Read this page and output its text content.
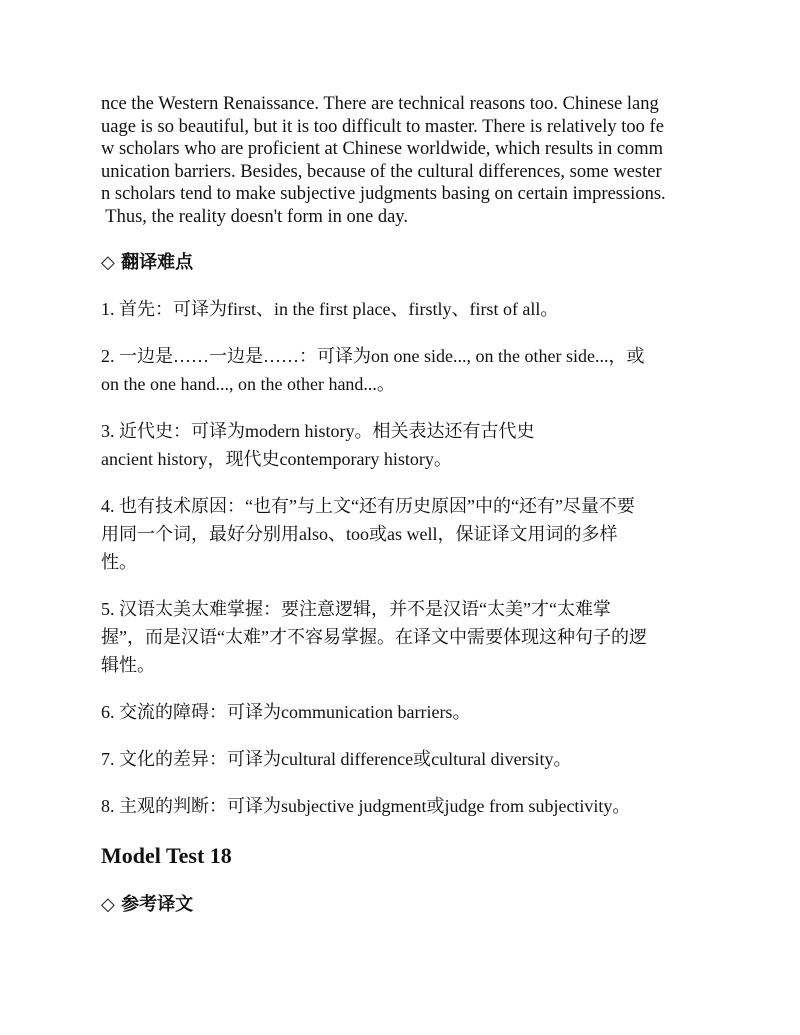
nce the Western Renaissance. There are technical reasons too. Chinese lang
uage is so beautiful, but it is too difficult to master. There is relatively too fe
w scholars who are proficient at Chinese worldwide, which results in comm
unication barriers. Besides, because of the cultural differences, some wester
n scholars tend to make subjective judgments basing on certain impressions.
Thus, the reality doesn't form in one day.

◇ 翻译难点
1. 首先：可译为first、in the first place、firstly、first of all。
2. 一边是……一边是……：可译为on one side..., on the other side...，或
on the one hand..., on the other hand...。
3. 近代史：可译为modern history。相关表达还有古代史
ancient history，现代史contemporary history。
4. 也有技术原因：“也有”与上文“还有历史原因”中的“还有”尽量不要
用同一个词，最好分别用also、too或as well，保证译文用词的多样
性。
5. 汉语太美太难掌握：要注意逻辑，并不是汉语“太美”才“太难掌
握”，而是汉语“太难”才不容易掌握。在译文中需要体现这种句子的逻
辑性。
6. 交流的障碍：可译为communication barriers。
7. 文化的差异：可译为cultural difference或cultural diversity。
8. 主观的判断：可译为subjective judgment或judge from subjectivity。
Model Test 18
◇ 参考译文
